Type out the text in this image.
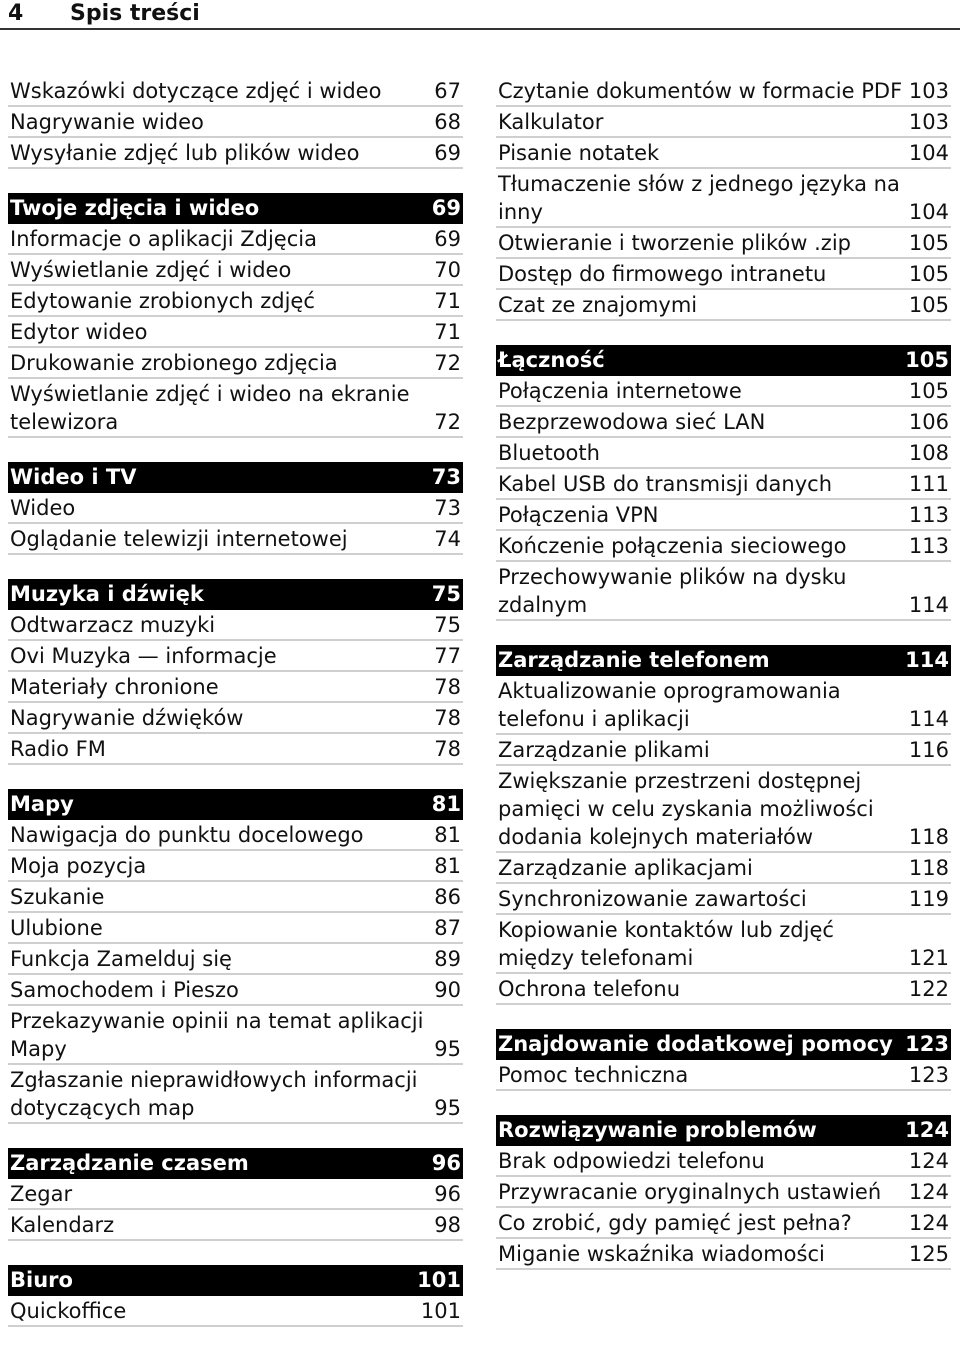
4 Spis treści
Wskazówki dotyczące zdjęć i wideo	67
Nagrywanie wideo	68
Wysyłanie zdjęć lub plików wideo	69
Twoje zdjęcia i wideo	69
Informacje o aplikacji Zdjęcia	69
Wyświetlanie zdjęć i wideo	70
Edytowanie zrobionych zdjęć	71
Edytor wideo	71
Drukowanie zrobionego zdjęcia	72
Wyświetlanie zdjęć i wideo na ekranie telewizora	72
Wideo i TV	73
Wideo	73
Oglądanie telewizji internetowej	74
Muzyka i dźwięk	75
Odtwarzacz muzyki	75
Ovi Muzyka — informacje	77
Materiały chronione	78
Nagrywanie dźwięków	78
Radio FM	78
Mapy	81
Nawigacja do punktu docelowego	81
Moja pozycja	81
Szukanie	86
Ulubione	87
Funkcja Zamelduj się	89
Samochodem i Pieszo	90
Przekazywanie opinii na temat aplikacji Mapy	95
Zgłaszanie nieprawidłowych informacji dotyczących map	95
Zarządzanie czasem	96
Zegar	96
Kalendarz	98
Biuro	101
Quickoffice	101
Czytanie dokumentów w formacie PDF 103
Kalkulator	103
Pisanie notatek	104
Tłumaczenie słów z jednego języka na inny	104
Otwieranie i tworzenie plików .zip	105
Dostęp do firmowego intranetu	105
Czat ze znajomymi	105
Łączność	105
Połączenia internetowe	105
Bezprzewodowa sieć LAN	106
Bluetooth	108
Kabel USB do transmisji danych	111
Połączenia VPN	113
Kończenie połączenia sieciowego	113
Przechowywanie plików na dysku zdalnym	114
Zarządzanie telefonem	114
Aktualizowanie oprogramowania telefonu i aplikacji	114
Zarządzanie plikami	116
Zwiększanie przestrzeni dostępnej pamięci w celu zyskania możliwości dodania kolejnych materiałów	118
Zarządzanie aplikacjami	118
Synchronizowanie zawartości	119
Kopiowanie kontaktów lub zdjęć między telefonami	121
Ochrona telefonu	122
Znajdowanie dodatkowej pomocy 123
Pomoc techniczna	123
Rozwiązywanie problemów	124
Brak odpowiedzi telefonu	124
Przywracanie oryginalnych ustawień	124
Co zrobić, gdy pamięć jest pełna?	124
Miganie wskaźnika wiadomości	125
